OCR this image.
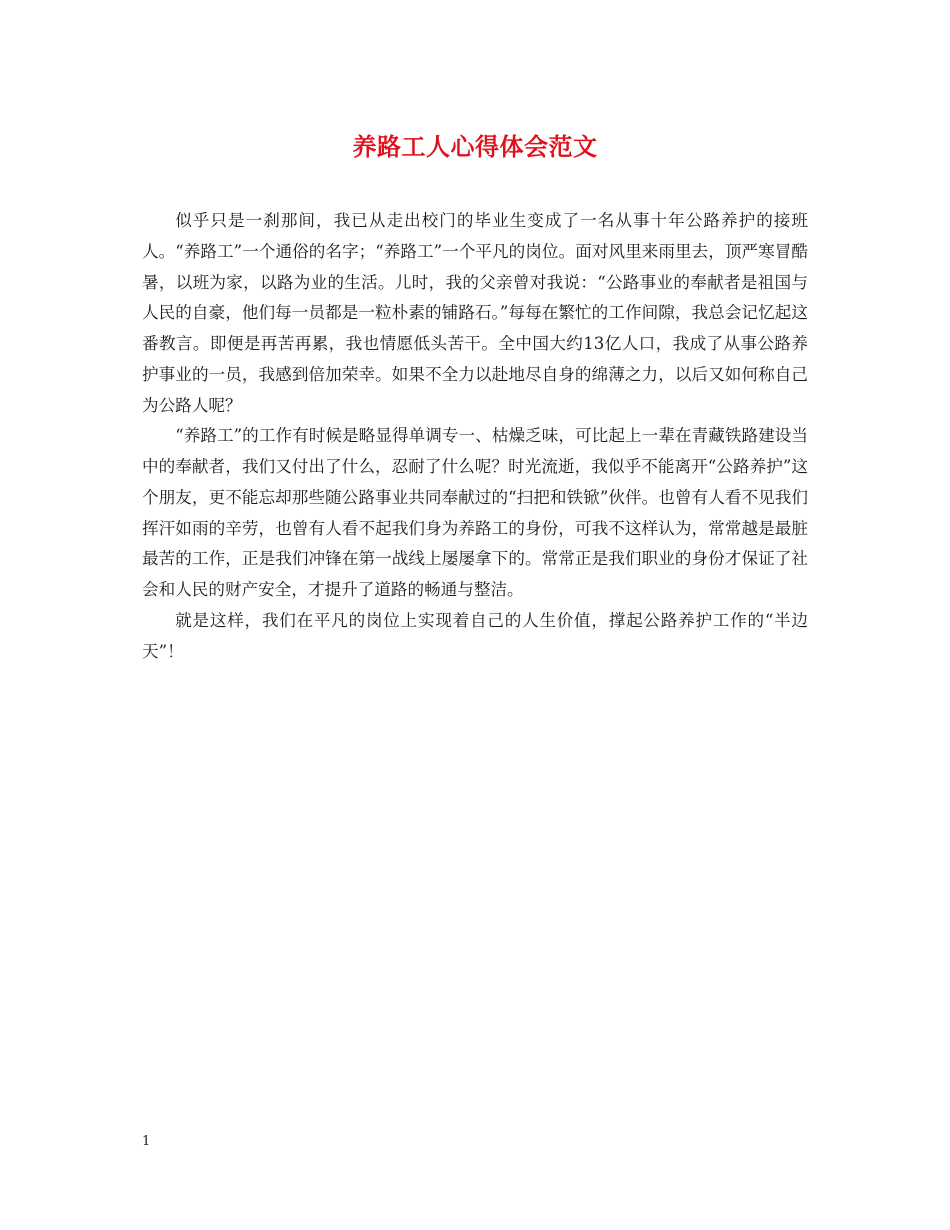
养路工人心得体会范文

似乎只是一刹那间，我已从走出校门的毕业生变成了一名从事十年公路养护的接班人。“养路工”一个通俗的名字；“养路工”一个平凡的岗位。面对风里来雨里去，顶严寒冒酷暑，以班为家，以路为业的生活。儿时，我的父亲曾对我说：“公路事业的奉献者是祖国与人民的自豪，他们每一员都是一粒朴素的铺路石。”每每在繁忙的工作间隙，我总会记忆起这番教言。即便是再苦再累，我也情愿低头苦干。全中国大约13亿人口，我成了从事公路养护事业的一员，我感到倍加荣幸。如果不全力以赴地尽自身的绵薄之力，以后又如何称自己为公路人呢？

“养路工”的工作有时候是略显得单调专一、枯燥乏味，可比起上一辈在青藏铁路建设当中的奉献者，我们又付出了什么，忍耐了什么呢？时光流逝，我似乎不能离开“公路养护”这个朋友，更不能忘却那些随公路事业共同奉献过的“扫把和铁锨”伙伴。也曾有人看不见我们挥汗如雨的辛劳，也曾有人看不起我们身为养路工的身份，可我不这样认为，常常越是最脏最苦的工作，正是我们冲锋在第一战线上屡屡拿下的。常常正是我们职业的身份才保证了社会和人民的财产安全，才提升了道路的畅通与整洁。

就是这样，我们在平凡的岗位上实现着自己的人生价值，撑起公路养护工作的“半边天”！

1
